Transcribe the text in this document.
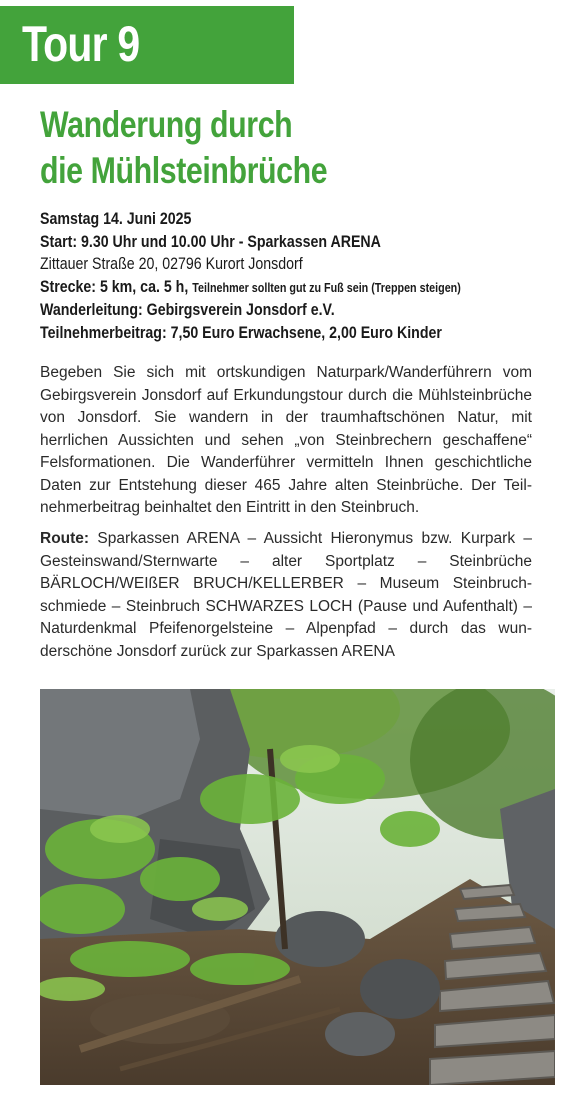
Tour 9
Wanderung durch
die Mühlsteinbrüche
Samstag 14. Juni 2025
Start: 9.30 Uhr und 10.00 Uhr - Sparkassen ARENA
Zittauer Straße 20, 02796 Kurort Jonsdorf
Strecke: 5 km, ca. 5 h, Teilnehmer sollten gut zu Fuß sein (Treppen steigen)
Wanderleitung: Gebirgsverein Jonsdorf e.V.
Teilnehmerbeitrag: 7,50 Euro Erwachsene, 2,00 Euro Kinder

Begeben Sie sich mit ortskundigen Naturpark/Wanderführern vom Gebirgsverein Jonsdorf auf Erkundungstour durch die Mühlsteinbrüche von Jonsdorf. Sie wandern in der traumhaftschönen Natur, mit herrlichen Aussichten und sehen „von Steinbrechern geschaffene“ Felsformationen. Die Wanderführer vermitteln Ihnen geschichtliche Daten zur Entstehung dieser 465 Jahre alten Steinbrüche. Der Teilnehmerbeitrag beinhaltet den Eintritt in den Steinbruch.

Route: Sparkassen ARENA – Aussicht Hieronymus bzw. Kurpark – Gesteinswand/Sternwarte – alter Sportplatz – Steinbrüche BÄRLOCH/WEIßER BRUCH/KELLERBER – Museum Steinbruchschmiede – Steinbruch SCHWARZES LOCH (Pause und Aufenthalt) – Naturdenkmal Pfeifenorgelsteine – Alpenpfad – durch das wunderschöne Jonsdorf zurück zur Sparkassen ARENA
